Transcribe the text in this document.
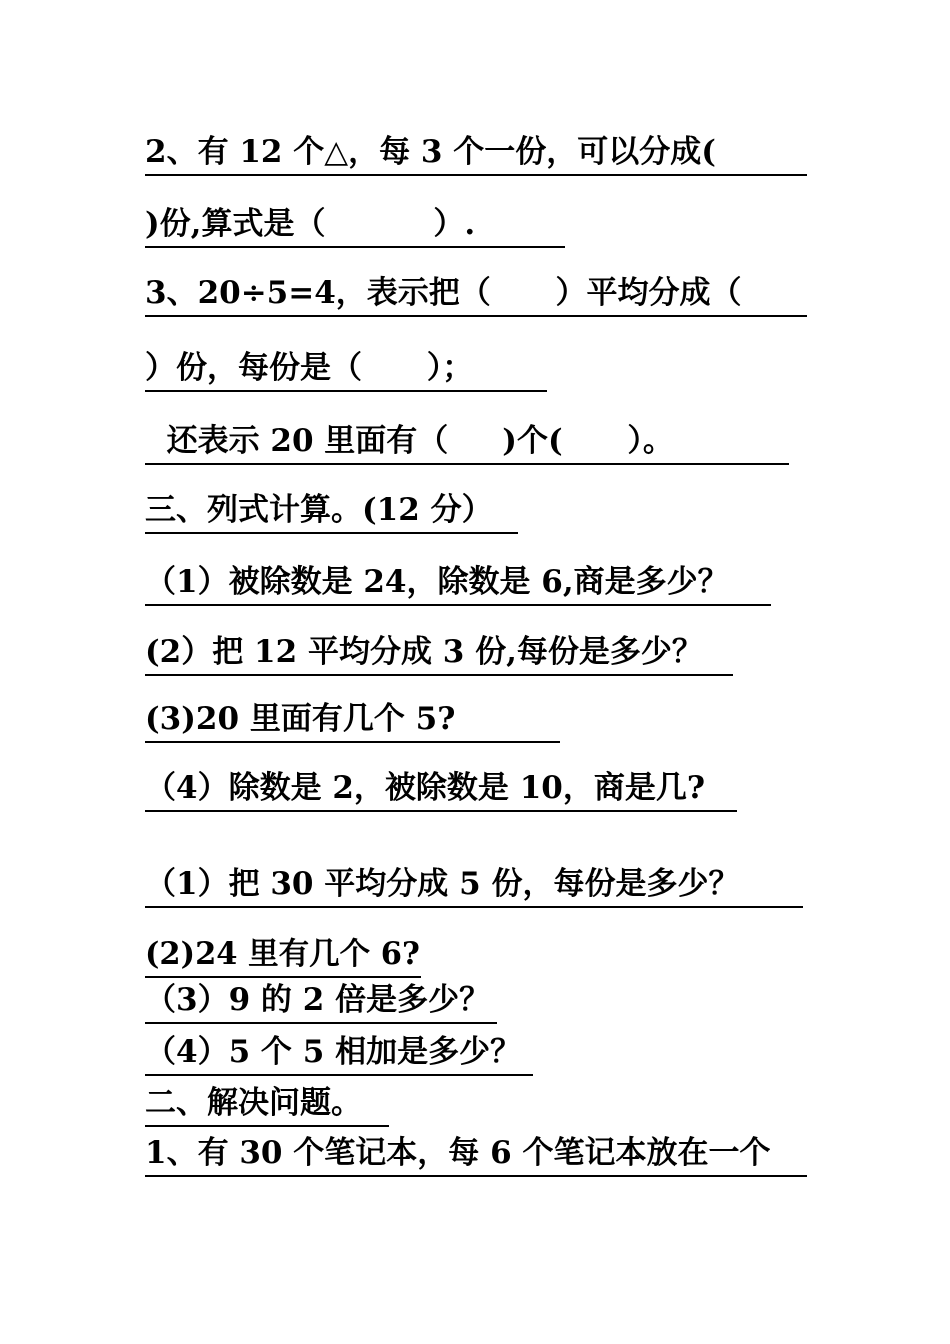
2、有 12 个△，每 3 个一份，可以分成(
)份,算式是（          ）.
3、20÷5=4，表示把（      ）平均分成（
）份，每份是（      ）；
还表示 20 里面有（     )个(      ）。
三、列式计算。(12 分）
（1）被除数是 24，除数是 6,商是多少？
(2）把 12 平均分成 3 份,每份是多少？
(3)20 里面有几个 5?
（4）除数是 2，被除数是 10，商是几?
（1）把 30 平均分成 5 份，每份是多少？
(2)24 里有几个 6?
（3）9 的 2 倍是多少？
（4）5 个 5 相加是多少？
二、解决问题。
1、有 30 个笔记本，每 6 个笔记本放在一个
